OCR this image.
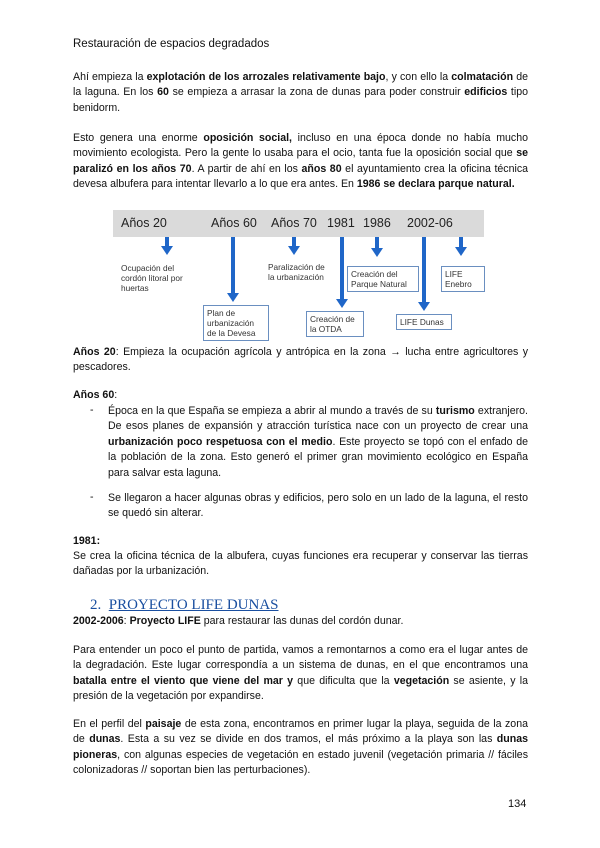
Restauración de espacios degradados
Ahí empieza la explotación de los arrozales relativamente bajo, y con ello la colmatación de la laguna. En los 60 se empieza a arrasar la zona de dunas para poder construir edificios tipo benidorm.
Esto genera una enorme oposición social, incluso en una época donde no había mucho movimiento ecologista. Pero la gente lo usaba para el ocio, tanta fue la oposición social que se paralizó en los años 70. A partir de ahí en los años 80 el ayuntamiento crea la oficina técnica devesa albufera para intentar llevarlo a lo que era antes. En 1986 se declara parque natural.
Años 20	Años 60 Años 70 1981 1986 2002-06
Ocupación del cordón litoral por huertas
Plan de urbanización de la Devesa
Paralización de la urbanización
Creación de la OTDA
Creación del Parque Natural
LIFE Dunas
LIFE Enebro
Años 20: Empieza la ocupación agrícola y antrópica en la zona → lucha entre agricultores y pescadores.
Años 60:
- Época en la que España se empieza a abrir al mundo a través de su turismo extranjero. De esos planes de expansión y atracción turística nace con un proyecto de crear una urbanización poco respetuosa con el medio. Este proyecto se topó con el enfado de la población de la zona. Esto generó el primer gran movimiento ecológico en España para salvar esta laguna.
- Se llegaron a hacer algunas obras y edificios, pero solo en un lado de la laguna, el resto se quedó sin alterar.
1981:
Se crea la oficina técnica de la albufera, cuyas funciones era recuperar y conservar las tierras dañadas por la urbanización.
2. PROYECTO LIFE DUNAS
2002-2006: Proyecto LIFE para restaurar las dunas del cordón dunar.
Para entender un poco el punto de partida, vamos a remontarnos a como era el lugar antes de la degradación. Este lugar correspondía a un sistema de dunas, en el que encontramos una batalla entre el viento que viene del mar y que dificulta que la vegetación se asiente, y la presión de la vegetación por expandirse.
En el perfil del paisaje de esta zona, encontramos en primer lugar la playa, seguida de la zona de dunas. Esta a su vez se divide en dos tramos, el más próximo a la playa son las dunas pioneras, con algunas especies de vegetación en estado juvenil (vegetación primaria // fáciles colonizadoras // soportan bien las perturbaciones).
134
